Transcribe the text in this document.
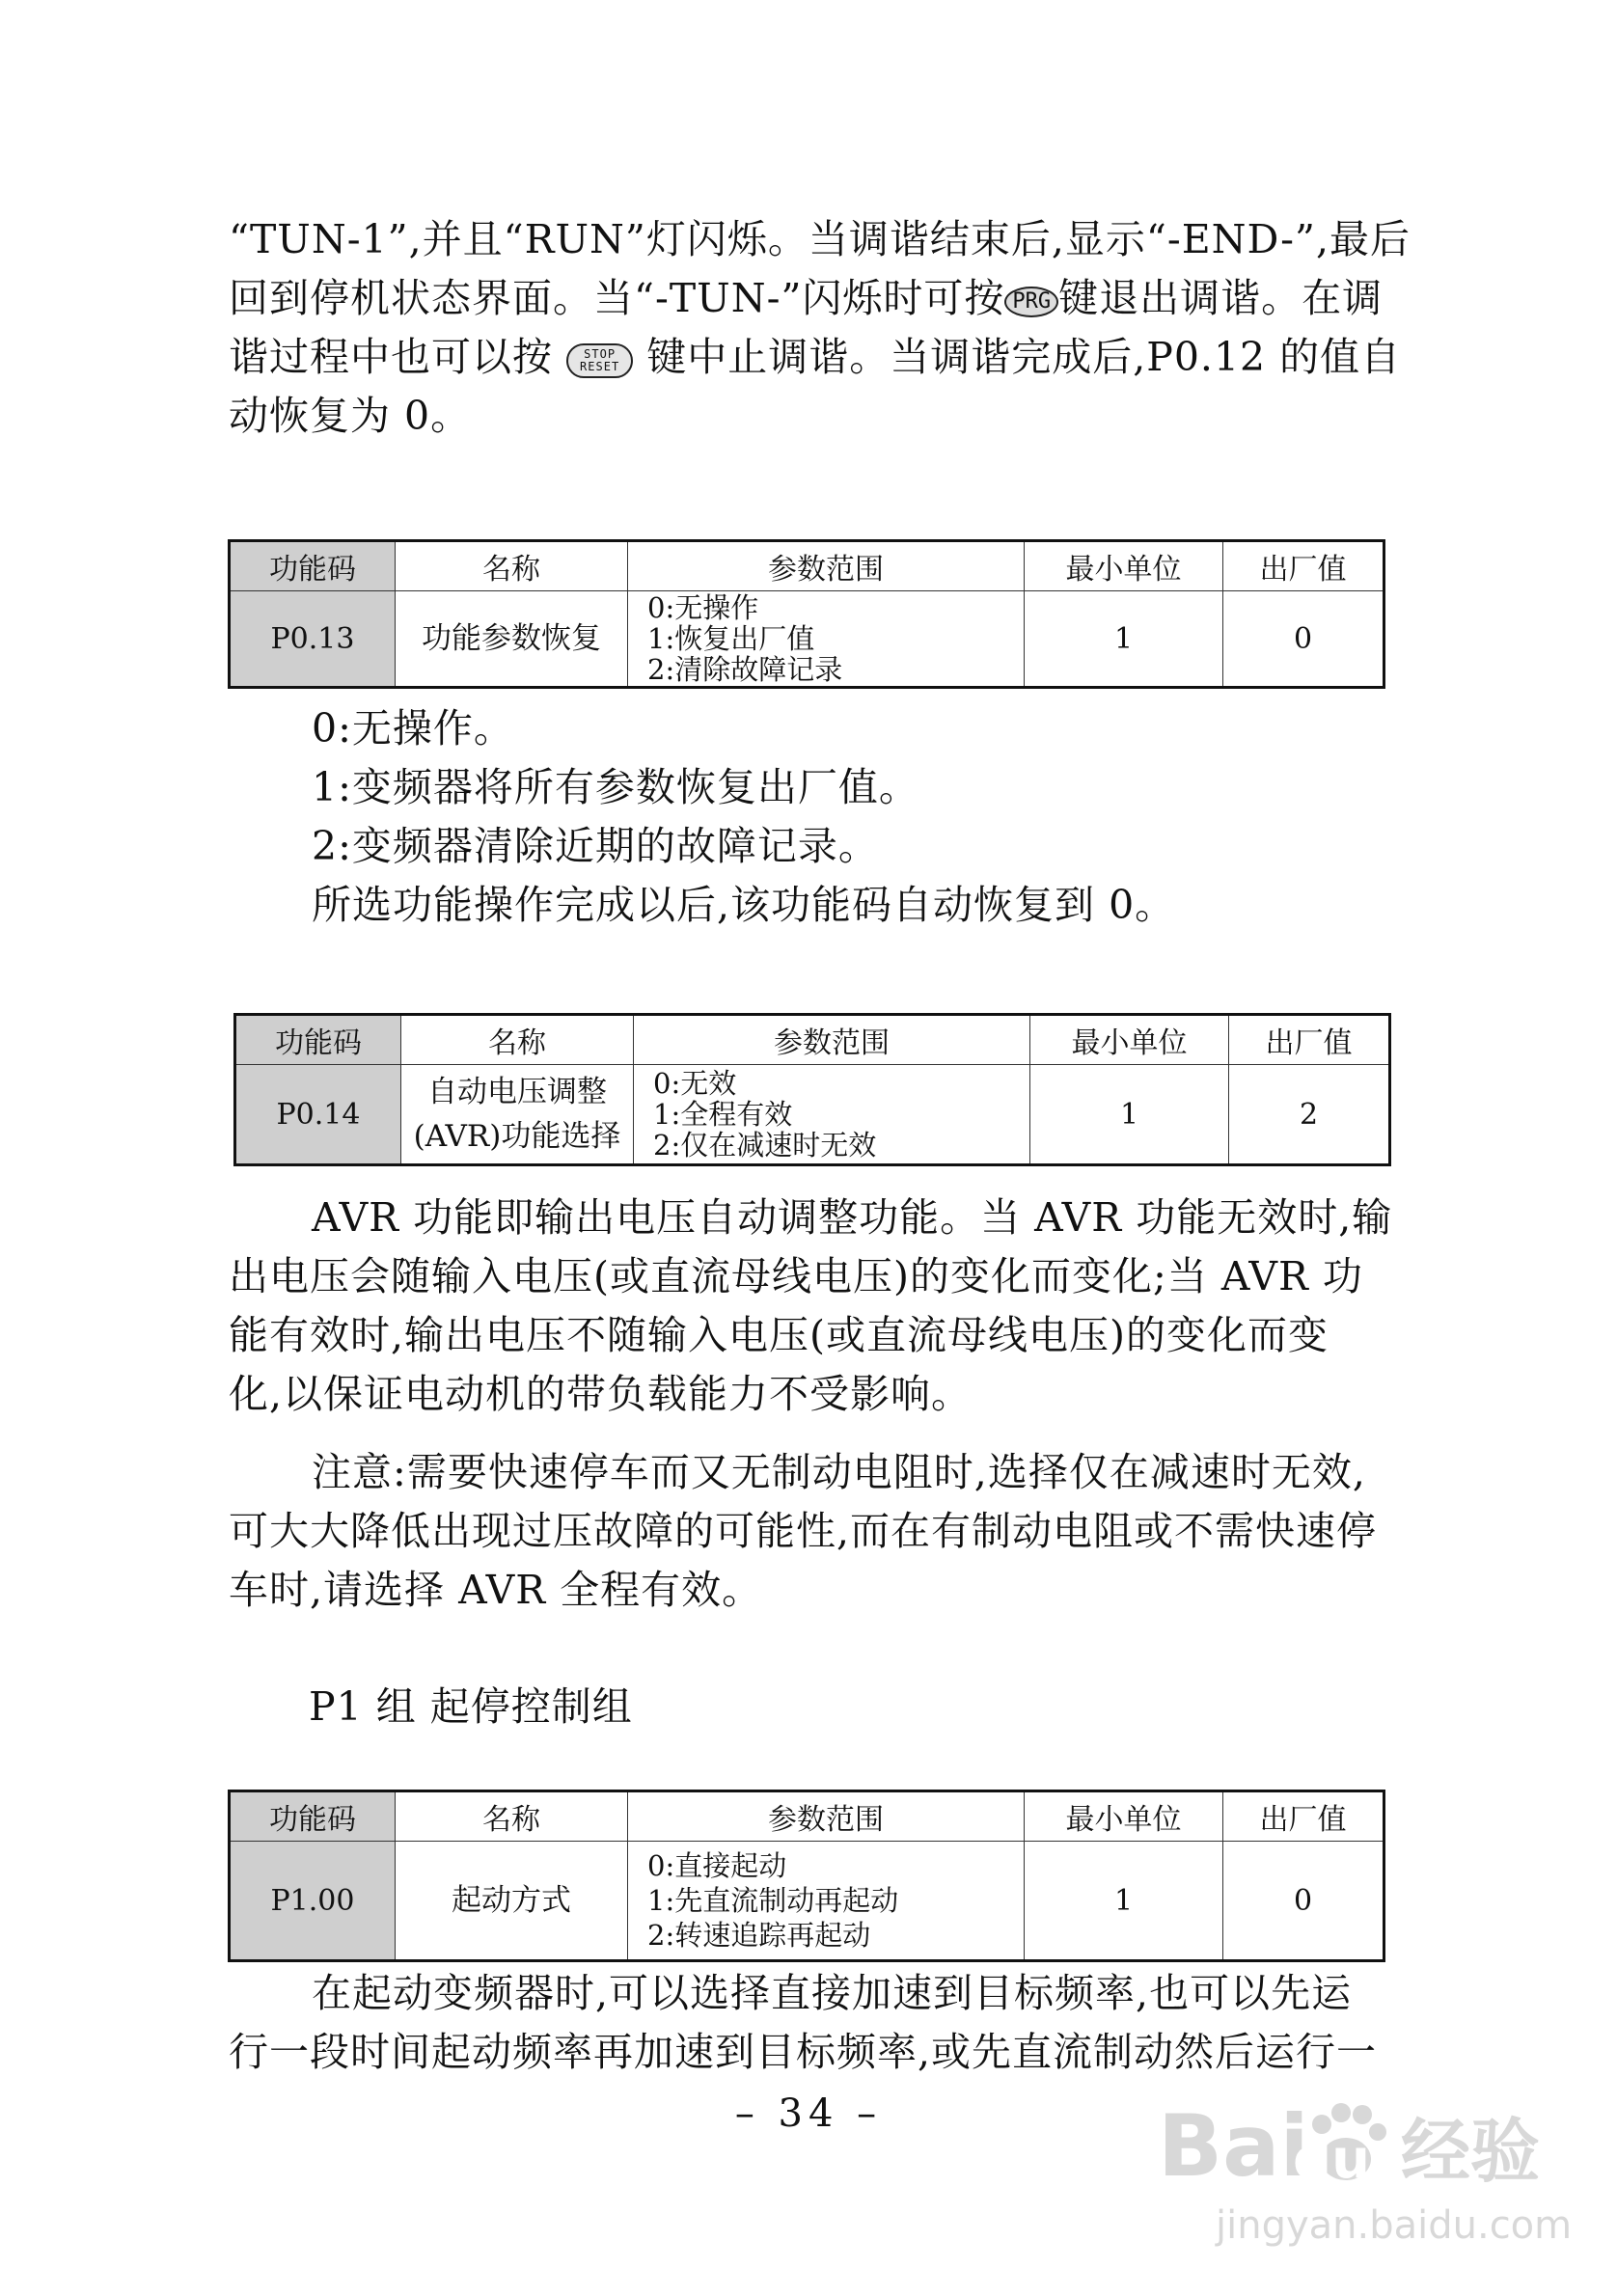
“TUN-1”,并且“RUN”灯闪烁。当调谐结束后,显示“-END-”,最后
回到停机状态界面。当“-TUN-”闪烁时可按 PRG 键退出调谐。在调
谐过程中也可以按	STOP
RESET 键中止调谐。当调谐完成后,P0.12 的值自
动恢复为 0。
功能码	名称	参数范围	最小单位	出厂值
P0.13	功能参数恢复	0:无操作
1:恢复出厂值
2:清除故障记录	1	0
0:无操作。
1:变频器将所有参数恢复出厂值。
2:变频器清除近期的故障记录。
所选功能操作完成以后,该功能码自动恢复到 0。
功能码	名称	参数范围	最小单位	出厂值
P0.14	自动电压调整
(AVR)功能选择	0:无效
1:全程有效
2:仅在减速时无效	1	2
AVR 功能即输出电压自动调整功能。当 AVR 功能无效时,输
出电压会随输入电压(或直流母线电压)的变化而变化;当 AVR 功
能有效时,输出电压不随输入电压(或直流母线电压)的变化而变
化,以保证电动机的带负载能力不受影响。
注意:需要快速停车而又无制动电阻时,选择仅在减速时无效,
可大大降低出现过压故障的可能性,而在有制动电阻或不需快速停
车时,请选择 AVR 全程有效。
P1 组 起停控制组
功能码	名称	参数范围	最小单位	出厂值
P1.00	起动方式	0:直接起动
1:先直流制动再起动
2:转速追踪再起动	1	0
在起动变频器时,可以选择直接加速到目标频率,也可以先运
行一段时间起动频率再加速到目标频率,或先直流制动然后运行一
– 34 –	Bai
du 经验
jingyan.baidu.com
